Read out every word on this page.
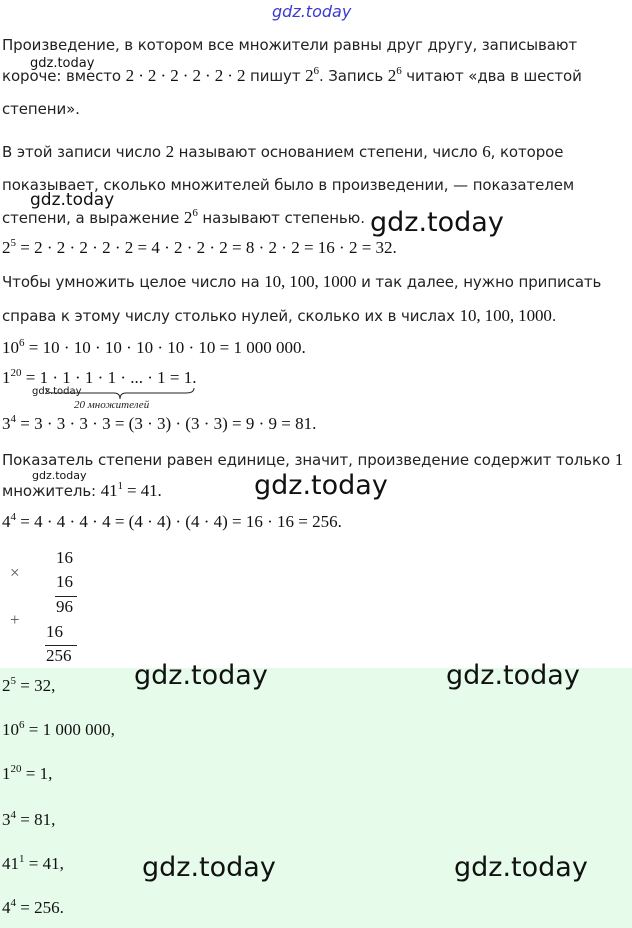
gdz.today
Произведение, в котором все множители равны друг другу, записывают
короче: вместо 2 · 2 · 2 · 2 · 2 · 2 пишут $2^6$. Запись $2^6$ читают «два в шестой
степени».
В этой записи число 2 называют основанием степени, число 6, которое
показывает, сколько множителей было в произведении, — показателем
степени, а выражение $2^6$ называют степенью.
$2^5 = 2 \cdot 2 \cdot 2 \cdot 2 \cdot 2 = 4 \cdot 2 \cdot 2 \cdot 2 = 8 \cdot 2 \cdot 2 = 16 \cdot 2 = 32$.
Чтобы умножить целое число на 10, 100, 1000 и так далее, нужно приписать
справа к этому числу столько нулей, сколько их в числах 10, 100, 1000.
$10^6 = 10 \cdot 10 \cdot 10 \cdot 10 \cdot 10 \cdot 10 = 1$ 000 000.
$1^{20} = 1 \cdot 1 \cdot 1 \cdot 1$ · ... · 1 = 1.
20 множителей
$3^4 = 3 \cdot 3 \cdot 3 \cdot 3 = (3 \cdot 3) \cdot (3 \cdot 3) = 9 \cdot 9 = 81$.
Показатель степени равен единице, значит, произведение содержит только 1
множитель: $41^1 = 41$.
$4^4 = 4 \cdot 4 \cdot 4 \cdot 4 = (4 \cdot 4) \cdot (4 \cdot 4) = 16 \cdot 16 = 256$.
×
16
16
96
+
16
256
$2^5 = 32$,
$10^6 = 1$ 000 000,
$1^{20} = 1$,
$3^4 = 81$,
$41^1 = 41$,
$4^4 = 256$.
gdz.today
gdz.today
gdz.today
gdz.today
gdz.today	gdz.today
gdz.today	gdz.today
gdz.today	gdz.today
